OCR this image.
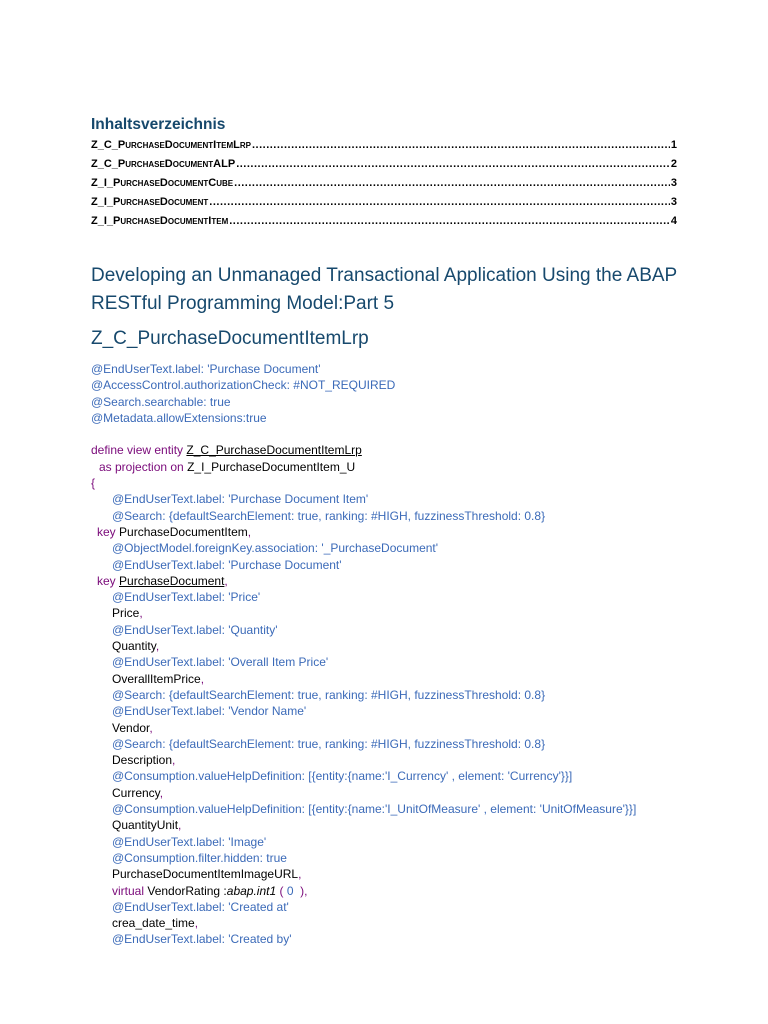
Inhaltsverzeichnis
Z_C_PurchaseDocumentItemLrp .....	1
Z_C_PurchaseDocumentALP .....	2
Z_I_PurchaseDocumentCube .....	3
Z_I_PurchaseDocument .....	3
Z_I_PurchaseDocumentItem .....	4
Developing an Unmanaged Transactional Application Using the ABAP RESTful Programming Model:Part 5
Z_C_PurchaseDocumentItemLrp
@EndUserText.label: 'Purchase Document'
@AccessControl.authorizationCheck: #NOT_REQUIRED
@Search.searchable: true
@Metadata.allowExtensions:true
define view entity Z_C_PurchaseDocumentItemLrp
as projection on Z_I_PurchaseDocumentItem_U
{
@EndUserText.label: 'Purchase Document Item'
@Search: {defaultSearchElement: true, ranking: #HIGH, fuzzinessThreshold: 0.8}
key PurchaseDocumentItem,
@ObjectModel.foreignKey.association: '_PurchaseDocument'
@EndUserText.label: 'Purchase Document'
key PurchaseDocument,
@EndUserText.label: 'Price'
Price,
@EndUserText.label: 'Quantity'
Quantity,
@EndUserText.label: 'Overall Item Price'
OverallItemPrice,
@Search: {defaultSearchElement: true, ranking: #HIGH, fuzzinessThreshold: 0.8}
@EndUserText.label: 'Vendor Name'
Vendor,
@Search: {defaultSearchElement: true, ranking: #HIGH, fuzzinessThreshold: 0.8}
Description,
@Consumption.valueHelpDefinition: [{entity:{name:'I_Currency' , element: 'Currency'}}]
Currency,
@Consumption.valueHelpDefinition: [{entity:{name:'I_UnitOfMeasure' , element: 'UnitOfMeasure'}}]
QuantityUnit,
@EndUserText.label: 'Image'
@Consumption.filter.hidden: true
PurchaseDocumentItemImageURL,
virtual VendorRating :abap.int1 ( 0  ),
@EndUserText.label: 'Created at'
crea_date_time,
@EndUserText.label: 'Created by'
